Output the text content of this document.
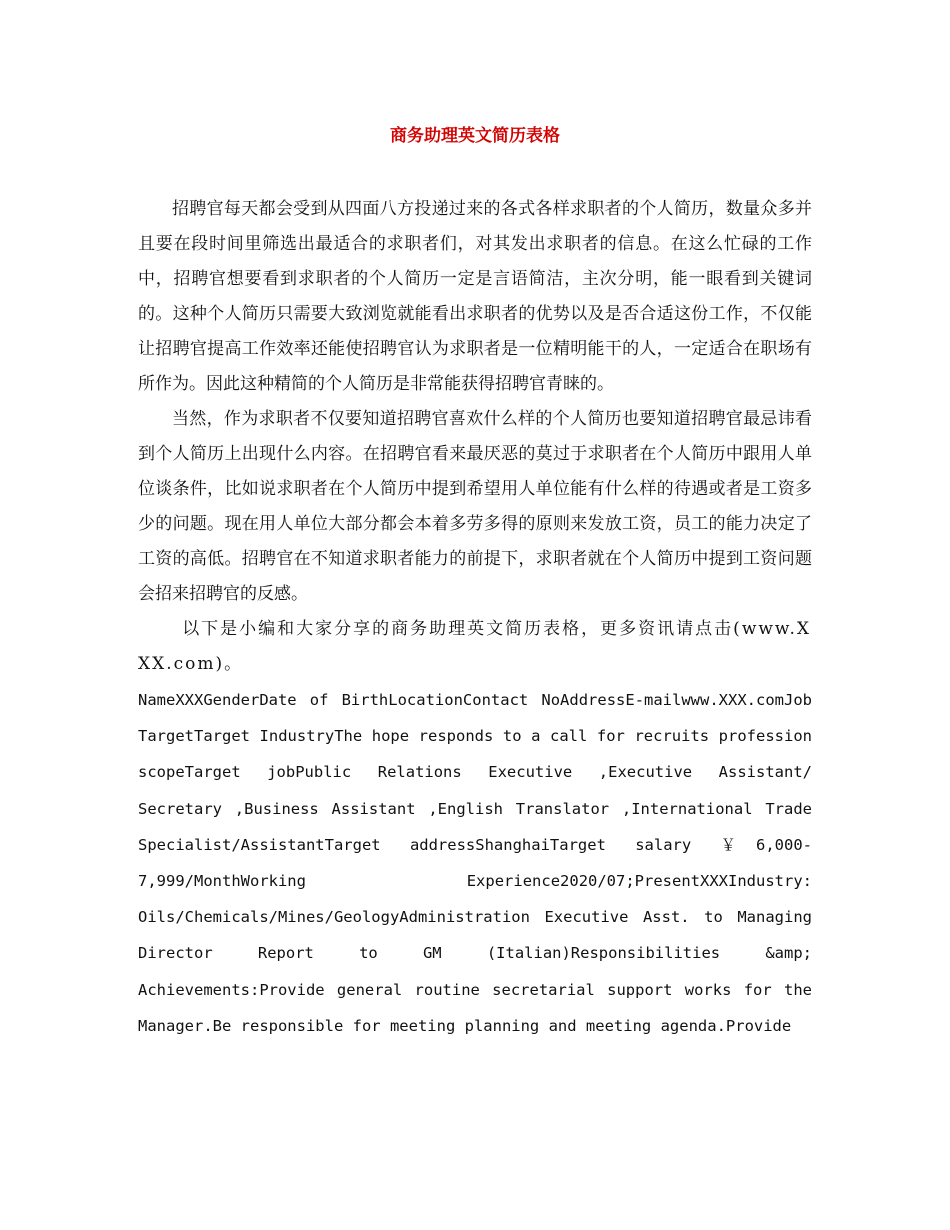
商务助理英文简历表格

招聘官每天都会受到从四面八方投递过来的各式各样求职者的个人简历，数量众多并且要在段时间里筛选出最适合的求职者们，对其发出求职者的信息。在这么忙碌的工作中，招聘官想要看到求职者的个人简历一定是言语简洁，主次分明，能一眼看到关键词的。这种个人简历只需要大致浏览就能看出求职者的优势以及是否合适这份工作，不仅能让招聘官提高工作效率还能使招聘官认为求职者是一位精明能干的人，一定适合在职场有所作为。因此这种精简的个人简历是非常能获得招聘官青睐的。

当然，作为求职者不仅要知道招聘官喜欢什么样的个人简历也要知道招聘官最忌讳看到个人简历上出现什么内容。在招聘官看来最厌恶的莫过于求职者在个人简历中跟用人单位谈条件，比如说求职者在个人简历中提到希望用人单位能有什么样的待遇或者是工资多少的问题。现在用人单位大部分都会本着多劳多得的原则来发放工资，员工的能力决定了工资的高低。招聘官在不知道求职者能力的前提下，求职者就在个人简历中提到工资问题会招来招聘官的反感。

以下是小编和大家分享的商务助理英文简历表格，更多资讯请点击(www.XXX.com)。

NameXXXGenderDate of BirthLocationContact NoAddressE-mailwww.XXX.comJob TargetTarget IndustryThe hope responds to a call for recruits profession scopeTarget jobPublic Relations Executive ,Executive Assistant/ Secretary ,Business Assistant ,English Translator ,International Trade Specialist/AssistantTarget addressShanghaiTarget salary ￥6,000-7,999/MonthWorking Experience2020/07;PresentXXXIndustry: Oils/Chemicals/Mines/GeologyAdministration Executive Asst. to Managing Director Report to GM (Italian)Responsibilities &amp; Achievements:Provide general routine secretarial support works for the Manager.Be responsible for meeting planning and meeting agenda.Provide
